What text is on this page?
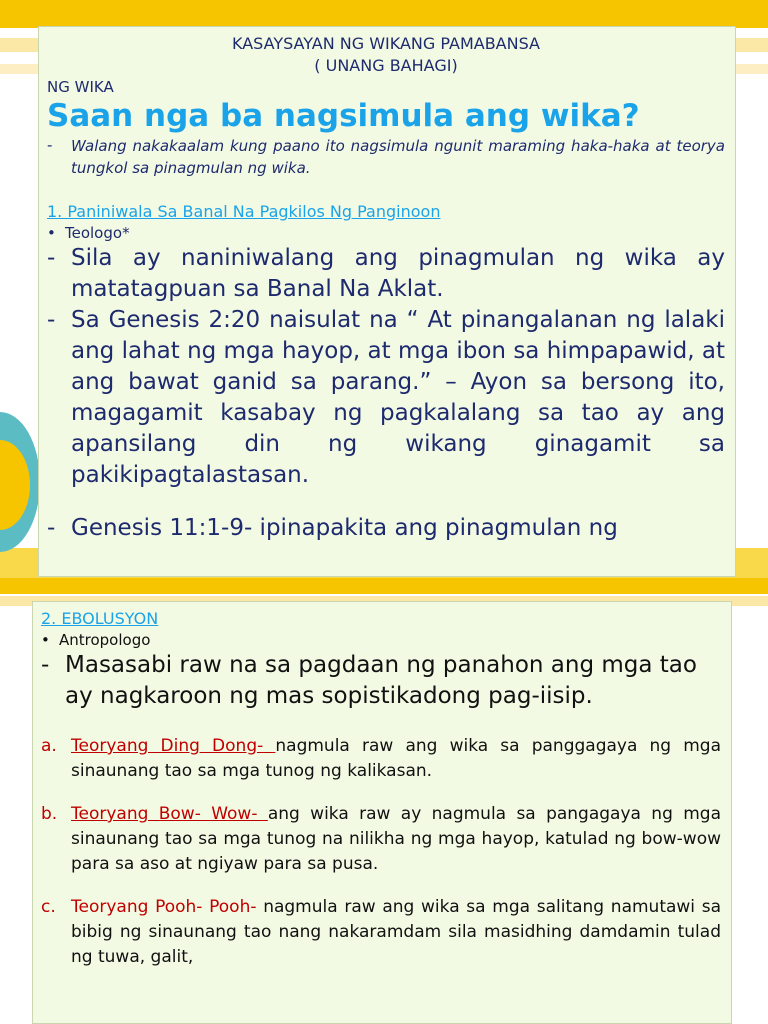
KASAYSAYAN NG WIKANG PAMABANSA
( UNANG BAHAGI)
NG WIKA
Saan nga ba nagsimula ang wika?
-	Walang nakakaalam kung paano ito nagsimula ngunit maraming haka-haka at teorya tungkol sa pinagmulan ng wika.
1. Paniniwala Sa Banal Na Pagkilos Ng Panginoon
• Teologo*
- Sila ay naniniwalang ang pinagmulan ng wika ay matatagpuan sa Banal Na Aklat.
- Sa Genesis 2:20 naisulat na “ At pinangalanan ng lalaki ang lahat ng mga hayop, at mga ibon sa himpapawid, at ang bawat ganid sa parang.” – Ayon sa bersong ito, magagamit kasabay ng pagkalalang sa tao ay ang apansilang din ng wikang ginagamit sa pakikipagtalastasan.
- Genesis 11:1-9- ipinapakita ang pinagmulan ng
2. EBOLUSYON
• Antropologo
- Masasabi raw na sa pagdaan ng panahon ang mga tao ay nagkaroon ng mas sopistikadong pag-iisip.
a. Teoryang Ding Dong- nagmula raw ang wika sa panggagaya ng mga sinaunang tao sa mga tunog ng kalikasan.
b. Teoryang Bow- Wow- ang wika raw ay nagmula sa pangagaya ng mga sinaunang tao sa mga tunog na nilikha ng mga hayop, katulad ng bow-wow para sa aso at ngiyaw para sa pusa.
c. Teoryang Pooh- Pooh- nagmula raw ang wika sa mga salitang namutawi sa bibig ng sinaunang tao nang nakaramdam sila masidhing damdamin tulad ng tuwa, galit,
